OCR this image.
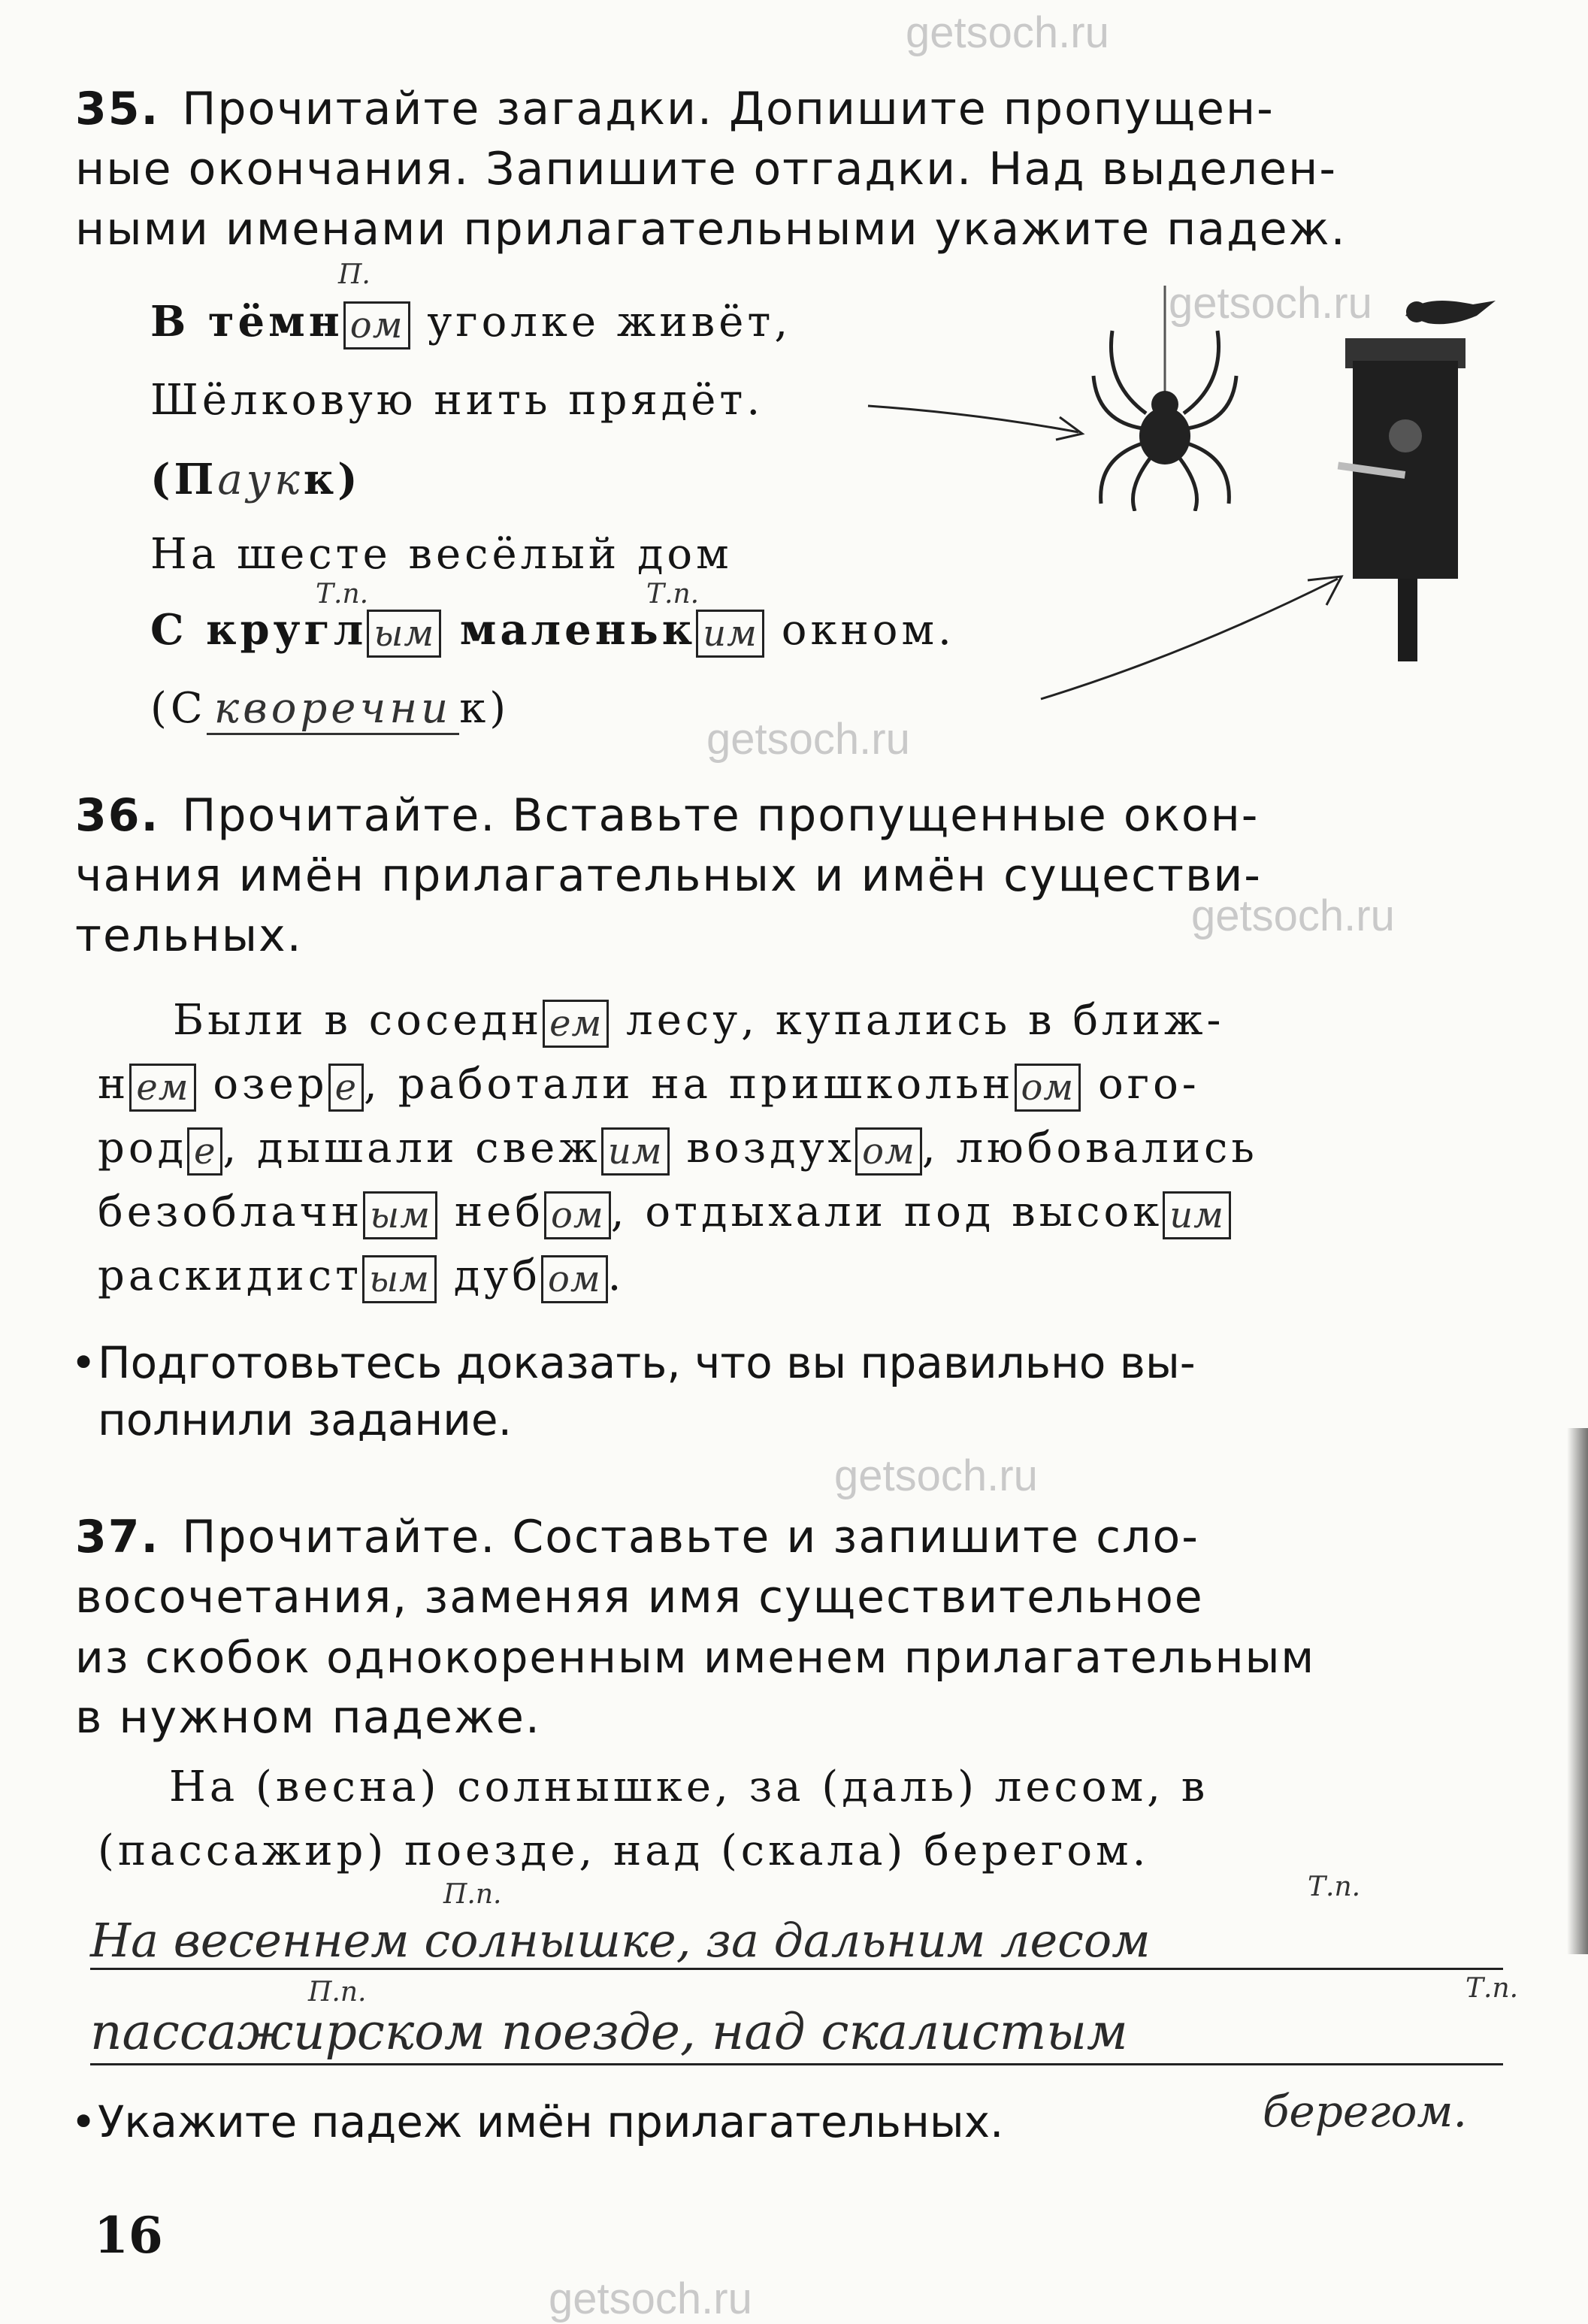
getsoch.ru
getsoch.ru
getsoch.ru
getsoch.ru
getsoch.ru
getsoch.ru
35. Прочитайте загадки. Допишите пропущен-
ные окончания. Запишите отгадки. Над выделен-
ными именами прилагательными укажите падеж.
В тёмн ом уголке живёт,
П.
Шёлковую нить прядёт.
(Паукк)
На шесте весёлый дом
С кругл ым маленьк им окном.
Т.п.	Т.п.
(С кворечни к)
36. Прочитайте. Вставьте пропущенные окон-
чания имён прилагательных и имён существи-
тельных.
Были в соседн ем лесу, купались в ближ-
н ем озер е , работали на пришкольн ом ого-
род е , дышали свеж им воздух ом , любовались
безоблачн ым неб ом , отдыхали под высок им
раскидист ым дуб ом .
• Подготовьтесь доказать, что вы правильно вы-
полнили задание.
37. Прочитайте. Составьте и запишите сло-
восочетания, заменяя имя существительное
из скобок однокоренным именем прилагательным
в нужном падеже.
На (весна) солнышке, за (даль) лесом, в
(пассажир) поезде, над (скала) берегом.
П.п.	Т.п.
На весеннем солнышке, за дальним лесом
П.п.	Т.п.
пассажирском поезде, над скалистым
• Укажите падеж имён прилагательных.	берегом.
16
